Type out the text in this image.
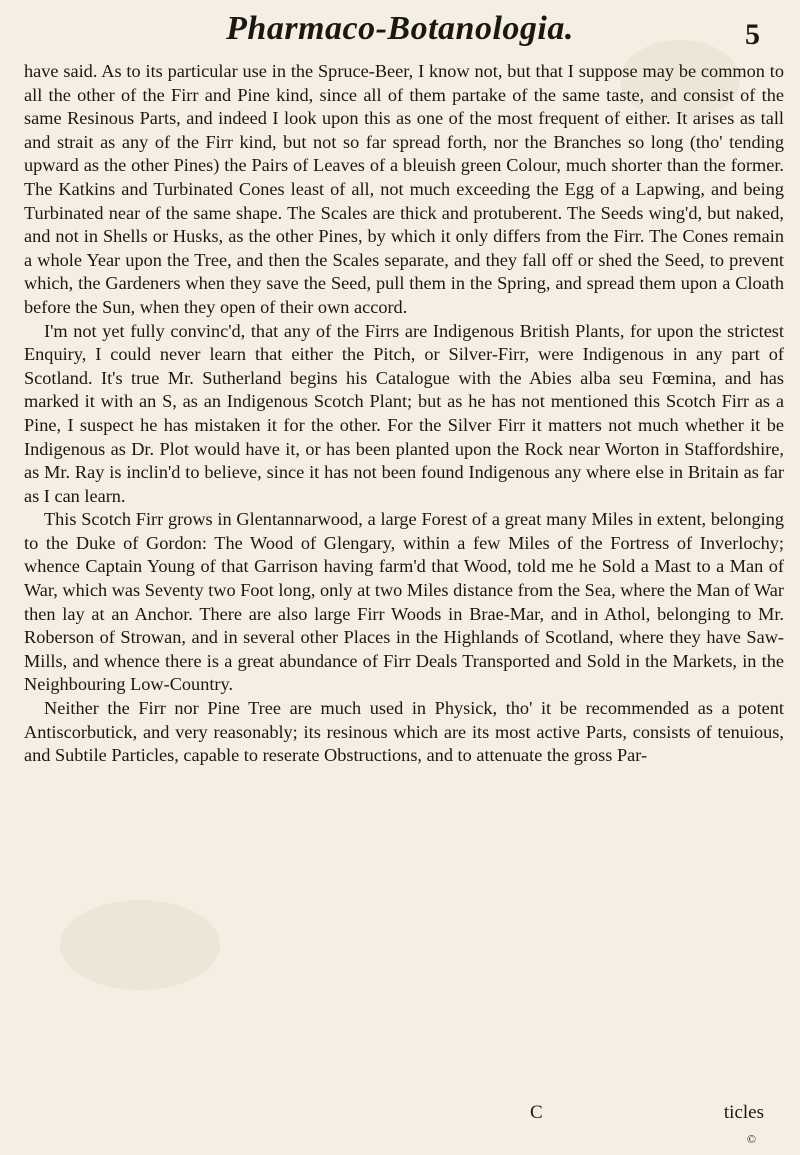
Pharmaco-Botanologia.	5

have said. As to its particular use in the Spruce-Beer, I know not, but that I suppose may be common to all the other of the Firr and Pine kind, since all of them partake of the same taste, and consist of the same Resinous Parts, and indeed I look upon this as one of the most frequent of either. It arises as tall and strait as any of the Firr kind, but not so far spread forth, nor the Branches so long (tho' tending upward as the other Pines) the Pairs of Leaves of a bleuish green Colour, much shorter than the former. The Katkins and Turbinated Cones least of all, not much exceeding the Egg of a Lapwing, and being Turbinated near of the same shape. The Scales are thick and protuberent. The Seeds wing'd, but naked, and not in Shells or Husks, as the other Pines, by which it only differs from the Firr. The Cones remain a whole Year upon the Tree, and then the Scales separate, and they fall off or shed the Seed, to prevent which, the Gardeners when they save the Seed, pull them in the Spring, and spread them upon a Cloath before the Sun, when they open of their own accord.

I'm not yet fully convinc'd, that any of the Firrs are Indigenous British Plants, for upon the strictest Enquiry, I could never learn that either the Pitch, or Silver-Firr, were Indigenous in any part of Scotland. It's true Mr. Sutherland begins his Catalogue with the Abies alba seu Fœmina, and has marked it with an S, as an Indigenous Scotch Plant; but as he has not mentioned this Scotch Firr as a Pine, I suspect he has mistaken it for the other. For the Silver Firr it matters not much whether it be Indigenous as Dr. Plot would have it, or has been planted upon the Rock near Worton in Staffordshire, as Mr. Ray is inclin'd to believe, since it has not been found Indigenous any where else in Britain as far as I can learn.

This Scotch Firr grows in Glentannarwood, a large Forest of a great many Miles in extent, belonging to the Duke of Gordon: The Wood of Glengary, within a few Miles of the Fortress of Inverlochy; whence Captain Young of that Garrison having farm'd that Wood, told me he Sold a Mast to a Man of War, which was Seventy two Foot long, only at two Miles distance from the Sea, where the Man of War then lay at an Anchor. There are also large Firr Woods in Brae-Mar, and in Athol, belonging to Mr. Roberson of Strowan, and in several other Places in the Highlands of Scotland, where they have Saw-Mills, and whence there is a great abundance of Firr Deals Transported and Sold in the Markets, in the Neighbouring Low-Country.

Neither the Firr nor Pine Tree are much used in Physick, tho' it be recommended as a potent Antiscorbutick, and very reasonably; its resinous which are its most active Parts, consists of tenuious, and Subtile Particles, capable to reserate Obstructions, and to attenuate the gross Par-

C	ticles
©
